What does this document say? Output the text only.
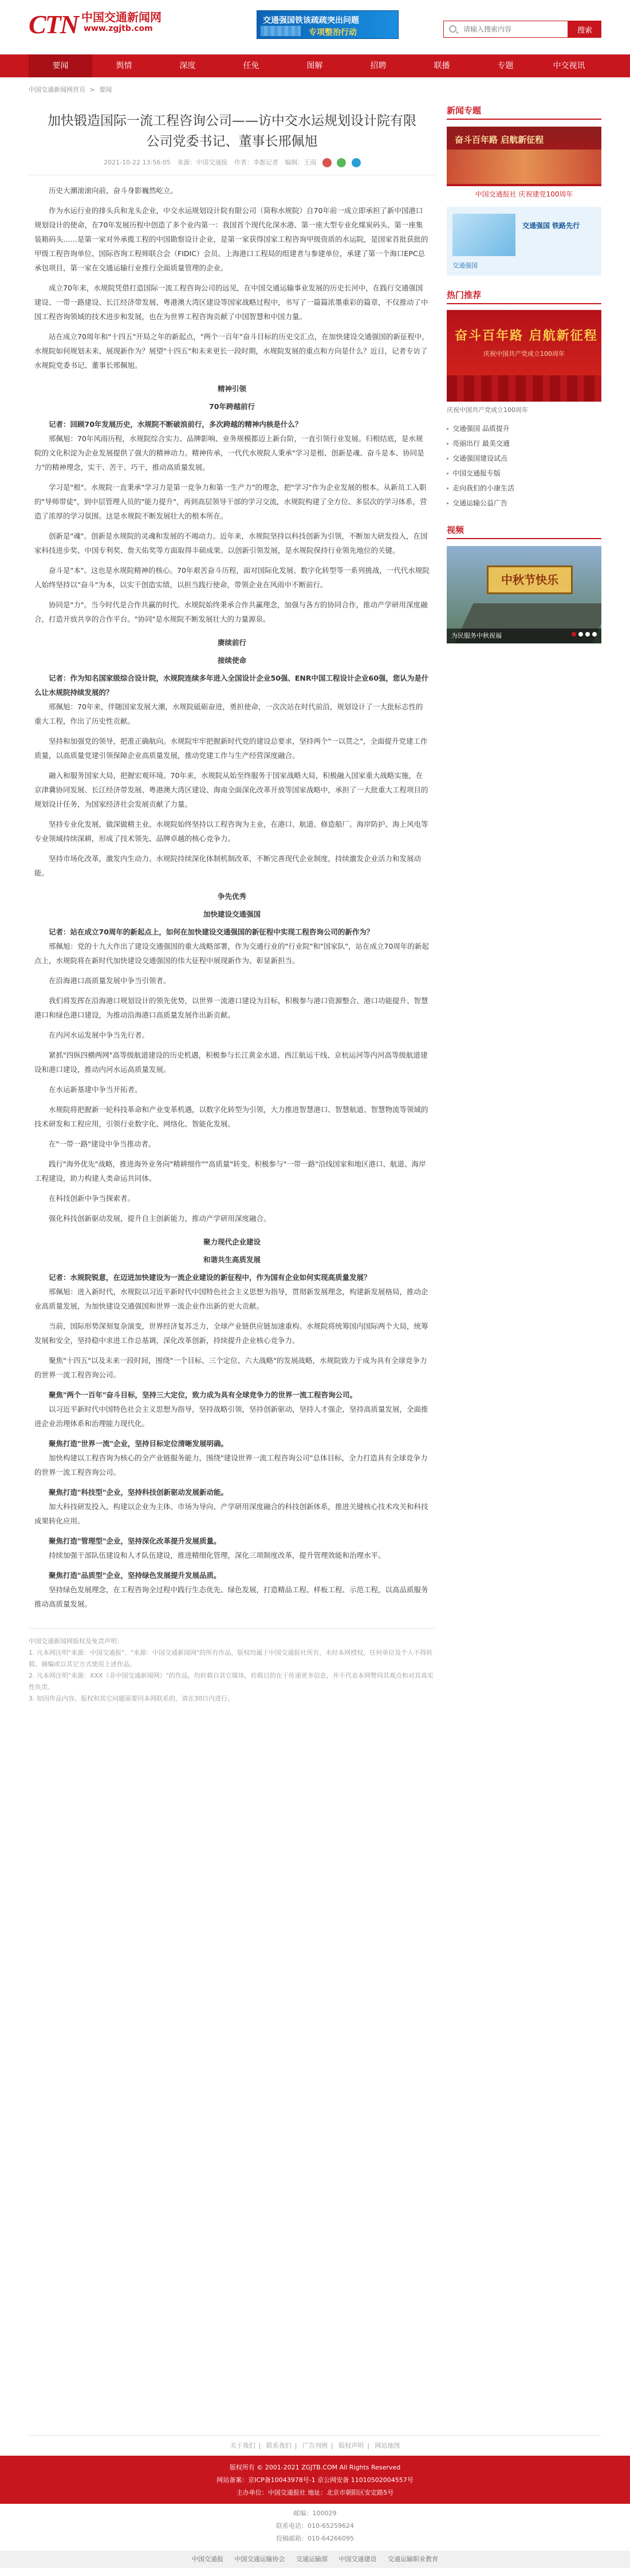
CTN 中国交通新闻网
www.zgjtb.com
交通强国铁该疏疏突出问题
专项整治行动
请输入搜索内容	搜索
要闻	舆情	深度	任免	图解	招聘	联播	专题	中交视讯
中国交通新闻网首页 > 要闻
加快锻造国际一流工程咨询公司——访中交水运规划设计院有限公司党委书记、董事长邢佩旭
2021-10-22 13:56:05 来源：中国交通报 作者：李都记者 编辑：王雨

历史大潮滚滚向前，奋斗身影巍然屹立。

作为水运行业的排头兵和龙头企业，中交水运规划设计院有限公司（简称水规院）自70年前一成立即承担了新中国港口规划设计的使命，在70年发展历程中创造了多个业内第一：我国首个现代化深水港、第一座大型专业化煤炭码头、第一座集装箱码头……是第一家对外承揽工程的中国勘察设计企业，是第一家获得国家工程咨询甲级资质的水运院，是国家首批获批的甲级工程咨询单位、国际咨询工程师联合会（FIDIC）会员、上海港口工程局的组建者与参建单位，承建了第一个海口EPC总承包项目，第一家在交通运输行业推行全面质量管理的企业。

成立70年来，水规院凭借打造国际一流工程咨询公司的远见，在中国交通运输事业发展的历史长河中，在践行交通强国建设、一带一路建设、长江经济带发展、粤港澳大湾区建设等国家战略过程中，书写了一篇篇浓墨重彩的篇章，不仅推动了中国工程咨询领域的技术进步和发展，也在为世界工程咨询贡献了中国智慧和中国力量。

站在成立70周年和"十四五"开局之年的新起点，"两个一百年"奋斗目标的历史交汇点，在加快建设交通强国的新征程中，水规院如何规划未来、展现新作为？展望"十四五"和未来更长一段时期，水规院发展的重点和方向是什么？近日，记者专访了水规院党委书记、董事长邢佩旭。

精神引领

70年跨越前行

记者：回顾70年发展历史，水规院不断破浪前行，多次跨越的精神内核是什么？

邢佩旭：70年风雨历程，水规院综合实力、品牌影响、业务规模都迈上新台阶，一直引领行业发展。归根结底，是水规院的文化积淀为企业发展提供了强大的精神动力。精神传承，一代代水规院人秉承"学习是根、创新是魂、奋斗是本、协同是力"的精神理念，实干、苦干、巧干，推动高质量发展。

学习是"根"。水规院一直秉承"学习力是第一竞争力和第一生产力"的理念，把"学习"作为企业发展的根本。从新员工入职的"导师带徒"，到中层管理人员的"能力提升"，再到高层领导干部的学习交流，水规院构建了全方位、多层次的学习体系，营造了浓厚的学习氛围。这是水规院不断发展壮大的根本所在。

创新是"魂"。创新是水规院的灵魂和发展的不竭动力。近年来，水规院坚持以科技创新为引领，不断加大研发投入，在国家科技进步奖、中国专利奖、詹天佑奖等方面取得丰硕成果。以创新引领发展，是水规院保持行业领先地位的关键。

奋斗是"本"。这也是水规院精神的核心。70年艰苦奋斗历程，面对国际化发展、数字化转型等一系列挑战，一代代水规院人始终坚持以"奋斗"为本，以实干创造实绩，以担当践行使命，带领企业在风雨中不断前行。

协同是"力"。当今时代是合作共赢的时代。水规院始终秉承合作共赢理念，加强与各方的协同合作，推动产学研用深度融合，打造开放共享的合作平台。"协同"是水规院不断发展壮大的力量源泉。

赓续前行

接续使命

记者：作为知名国家级综合设计院，水规院连续多年进入全国设计企业50强、ENR中国工程设计企业60强，您认为是什么让水规院持续发展的？

邢佩旭：70年来，伴随国家发展大潮，水规院砥砺奋进，勇担使命，一次次站在时代前沿，规划设计了一大批标志性的重大工程，作出了历史性贡献。

坚持和加强党的领导，把准正确航向。水规院牢牢把握新时代党的建设总要求，坚持两个"一以贯之"，全面提升党建工作质量，以高质量党建引领保障企业高质量发展，推动党建工作与生产经营深度融合。

融入和服务国家大局，把握宏观环境。70年来，水规院从始至终服务于国家战略大局，积极融入国家重大战略实施，在京津冀协同发展、长江经济带发展、粤港澳大湾区建设、海南全面深化改革开放等国家战略中，承担了一大批重大工程项目的规划设计任务，为国家经济社会发展贡献了力量。

坚持专业化发展，做深做精主业。水规院始终坚持以工程咨询为主业，在港口、航道、修造船厂、海岸防护、海上风电等专业领域持续深耕，形成了技术领先、品牌卓越的核心竞争力。

坚持市场化改革，激发内生动力。水规院持续深化体制机制改革，不断完善现代企业制度，持续激发企业活力和发展动能。

争先优秀

加快建设交通强国

记者：站在成立70周年的新起点上，如何在加快建设交通强国的新征程中实现工程咨询公司的新作为？

邢佩旭：党的十九大作出了建设交通强国的重大战略部署，作为交通行业的"行业院"和"国家队"，站在成立70周年的新起点上，水规院将在新时代加快建设交通强国的伟大征程中展现新作为、彰显新担当。

在沿海港口高质量发展中争当引领者。

我们将发挥在沿海港口规划设计的领先优势，以世界一流港口建设为目标，积极参与港口资源整合、港口功能提升、智慧港口和绿色港口建设，为推动沿海港口高质量发展作出新贡献。

在内河水运发展中争当先行者。

紧抓"四纵四横两网"高等级航道建设的历史机遇，积极参与长江黄金水道、西江航运干线、京杭运河等内河高等级航道建设和港口建设，推动内河水运高质量发展。

在水运新基建中争当开拓者。

水规院将把握新一轮科技革命和产业变革机遇，以数字化转型为引领，大力推进智慧港口、智慧航道、智慧物流等领域的技术研发和工程应用，引领行业数字化、网络化、智能化发展。

在"一带一路"建设中争当推动者。

践行"海外优先"战略，推进海外业务向"精耕细作""高质量"转变。积极参与"一带一路"沿线国家和地区港口、航道、海岸工程建设，助力构建人类命运共同体。

在科技创新中争当探索者。

强化科技创新驱动发展，提升自主创新能力，推动产学研用深度融合。

聚力现代企业建设

和谐共生高质发展

记者：水规院锐意，在迈进加快建设为一流企业建设的新征程中，作为国有企业如何实现高质量发展？

邢佩旭：进入新时代，水规院以习近平新时代中国特色社会主义思想为指导，贯彻新发展理念，构建新发展格局，推动企业高质量发展，为加快建设交通强国和世界一流企业作出新的更大贡献。

当前，国际形势深刻复杂演变，世界经济复苏乏力，全球产业链供应链加速重构。水规院将统筹国内国际两个大局，统筹发展和安全，坚持稳中求进工作总基调，深化改革创新，持续提升企业核心竞争力。

聚焦"十四五"以及未来一段时间，围绕"一个目标、三个定位、六大战略"的发展战略，水规院致力于成为具有全球竞争力的世界一流工程咨询公司。

聚焦"两个一百年"奋斗目标，坚持三大定位，致力成为具有全球竞争力的世界一流工程咨询公司。

以习近平新时代中国特色社会主义思想为指导，坚持战略引领，坚持创新驱动，坚持人才强企，坚持高质量发展，全面推进企业治理体系和治理能力现代化。

聚焦打造"世界一流"企业，坚持目标定位清晰发展明确。

加快构建以工程咨询为核心的全产业链服务能力，围绕"建设世界一流工程咨询公司"总体目标，全力打造具有全球竞争力的世界一流工程咨询公司。

聚焦打造"科技型"企业，坚持科技创新驱动发展新动能。

加大科技研发投入，构建以企业为主体、市场为导向、产学研用深度融合的科技创新体系，推进关键核心技术攻关和科技成果转化应用。

聚焦打造"管理型"企业，坚持深化改革提升发展质量。

持续加强干部队伍建设和人才队伍建设，推进精细化管理，深化三项制度改革，提升管理效能和治理水平。

聚焦打造"品质型"企业，坚持绿色发展提升发展品质。

坚持绿色发展理念，在工程咨询全过程中践行生态优先、绿色发展，打造精品工程、样板工程、示范工程，以高品质服务推动高质量发展。

中国交通新闻网版权及免责声明：

1. 凡本网注明"来源：中国交通报"、"来源：中国交通新闻网"的所有作品，版权均属于中国交通报社所有，未经本网授权，任何单位及个人不得转载、摘编或以其它方式使用上述作品。

2. 凡本网注明"来源：XXX（非中国交通新闻网）"的作品，均转载自其它媒体，转载目的在于传递更多信息，并不代表本网赞同其观点和对其真实性负责。

3. 如因作品内容、版权和其它问题需要同本网联系的，请在30日内进行。

新闻专题
奋斗百年路 启航新征程
中国交通报社 庆祝建党100周年
交通强国 铁路先行
交通强国
热门推荐
奋斗百年路 启航新征程
庆祝中国共产党成立100周年
庆祝中国共产党成立100周年
交通强国 品质提升
亮丽出行 最美交通
交通强国建设试点
中国交通报专版
走向我们的小康生活
交通运输公益广告
视频
中秋节快乐
为民服务中秋祝福
关于我们 | 联系我们 | 广告刊例 | 版权声明 | 网站地图
版权所有 © 2001-2021 ZGJTB.COM All Rights Reserved
网站备案：京ICP备10043978号-1 京公网安备 11010502004557号
主办单位：中国交通报社 地址：北京市朝阳区安定路5号
邮编：100029
联系电话：010-65259624
投稿邮箱：010-64266095
中国交通报 中国交通运输协会 交通运输部 中国交通建设 交通运输职业教育
